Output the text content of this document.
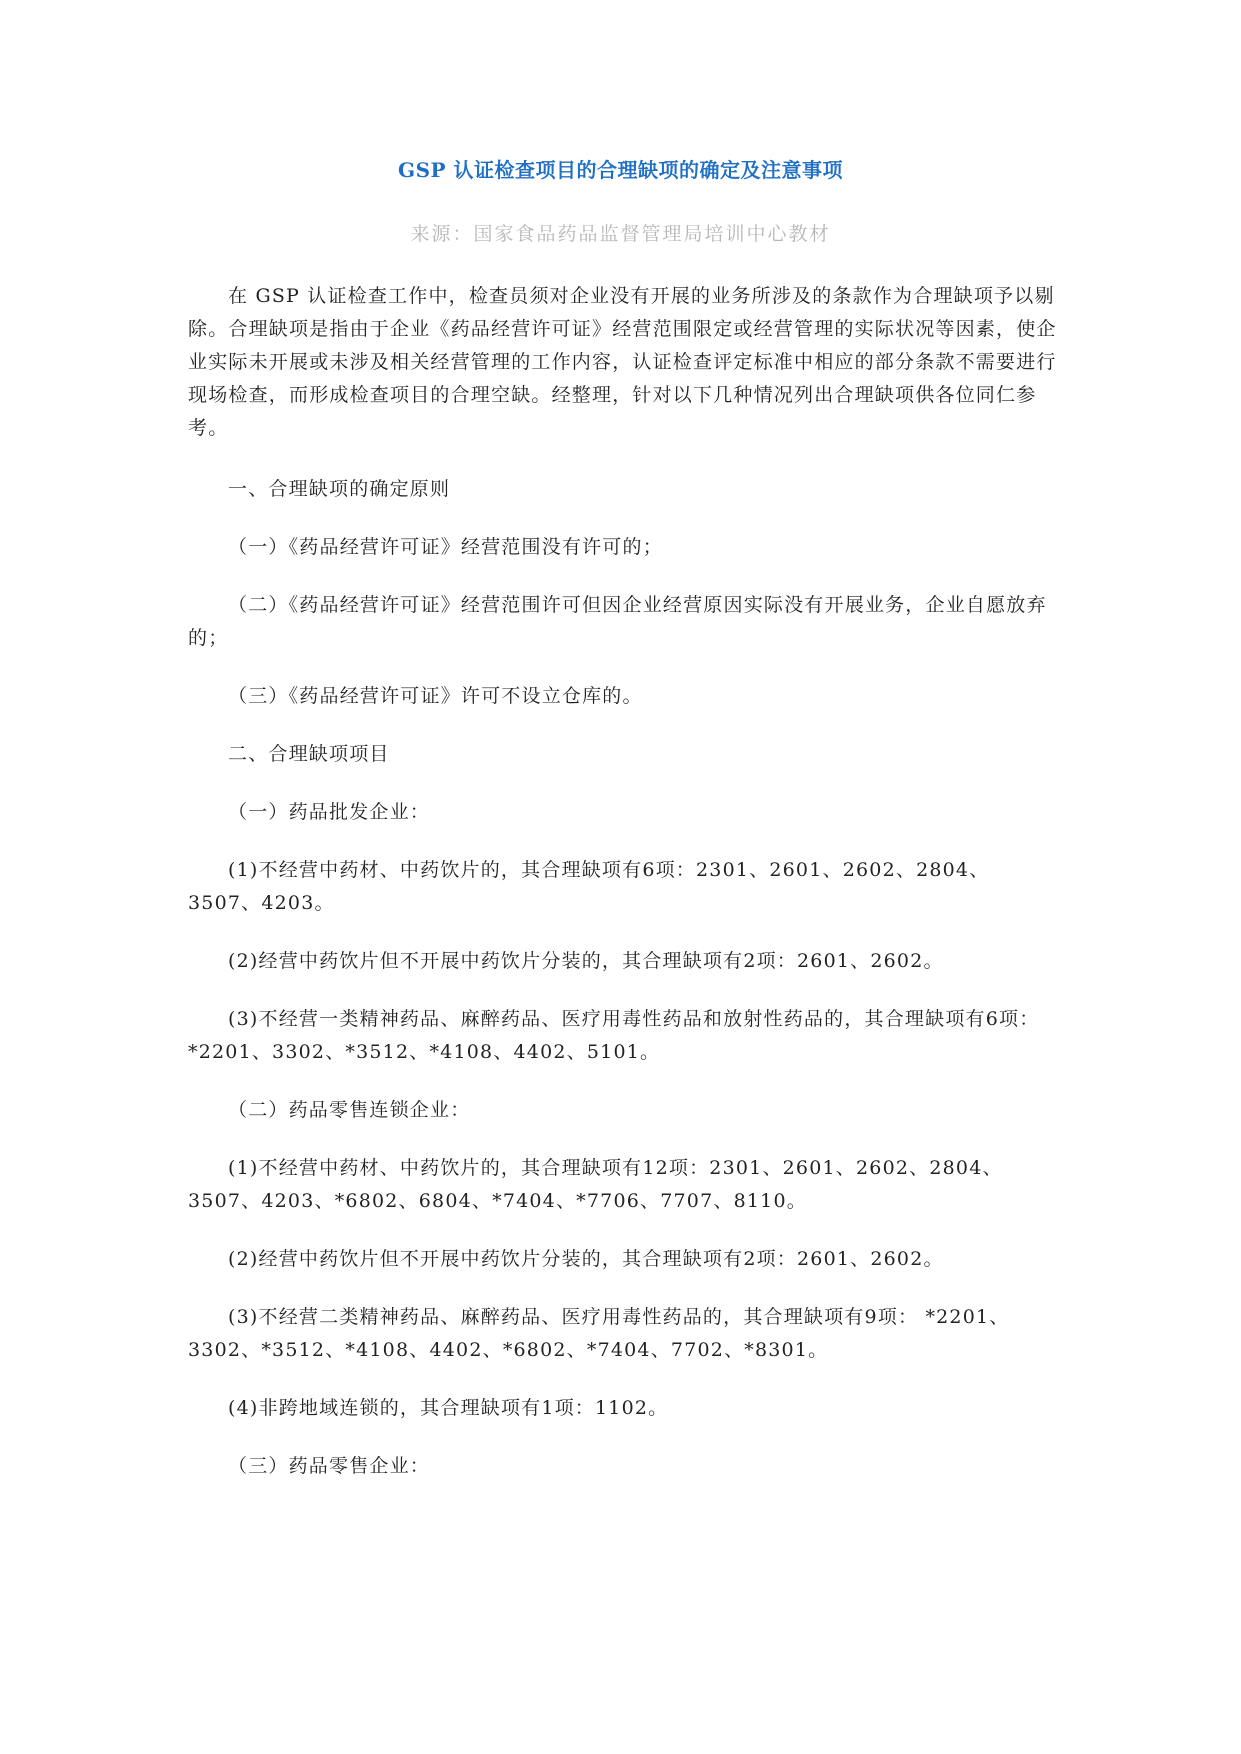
GSP 认证检查项目的合理缺项的确定及注意事项
来源：国家食品药品监督管理局培训中心教材

在 GSP 认证检查工作中，检查员须对企业没有开展的业务所涉及的条款作为合理缺项予以剔除。合理缺项是指由于企业《药品经营许可证》经营范围限定或经营管理的实际状况等因素，使企业实际未开展或未涉及相关经营管理的工作内容，认证检查评定标准中相应的部分条款不需要进行现场检查，而形成检查项目的合理空缺。经整理，针对以下几种情况列出合理缺项供各位同仁参考。

一、合理缺项的确定原则

（一）《药品经营许可证》经营范围没有许可的；

（二）《药品经营许可证》经营范围许可但因企业经营原因实际没有开展业务，企业自愿放弃的；

（三）《药品经营许可证》许可不设立仓库的。

二、合理缺项项目

（一）药品批发企业：

(1)不经营中药材、中药饮片的，其合理缺项有6项：2301、2601、2602、2804、3507、4203。

(2)经营中药饮片但不开展中药饮片分装的，其合理缺项有2项：2601、2602。

(3)不经营一类精神药品、麻醉药品、医疗用毒性药品和放射性药品的，其合理缺项有6项：*2201、3302、*3512、*4108、4402、5101。

（二）药品零售连锁企业：

(1)不经营中药材、中药饮片的，其合理缺项有12项：2301、2601、2602、2804、3507、4203、*6802、6804、*7404、*7706、7707、8110。

(2)经营中药饮片但不开展中药饮片分装的，其合理缺项有2项：2601、2602。

(3)不经营二类精神药品、麻醉药品、医疗用毒性药品的，其合理缺项有9项： *2201、3302、*3512、*4108、4402、*6802、*7404、7702、*8301。

(4)非跨地域连锁的，其合理缺项有1项：1102。

（三）药品零售企业：
